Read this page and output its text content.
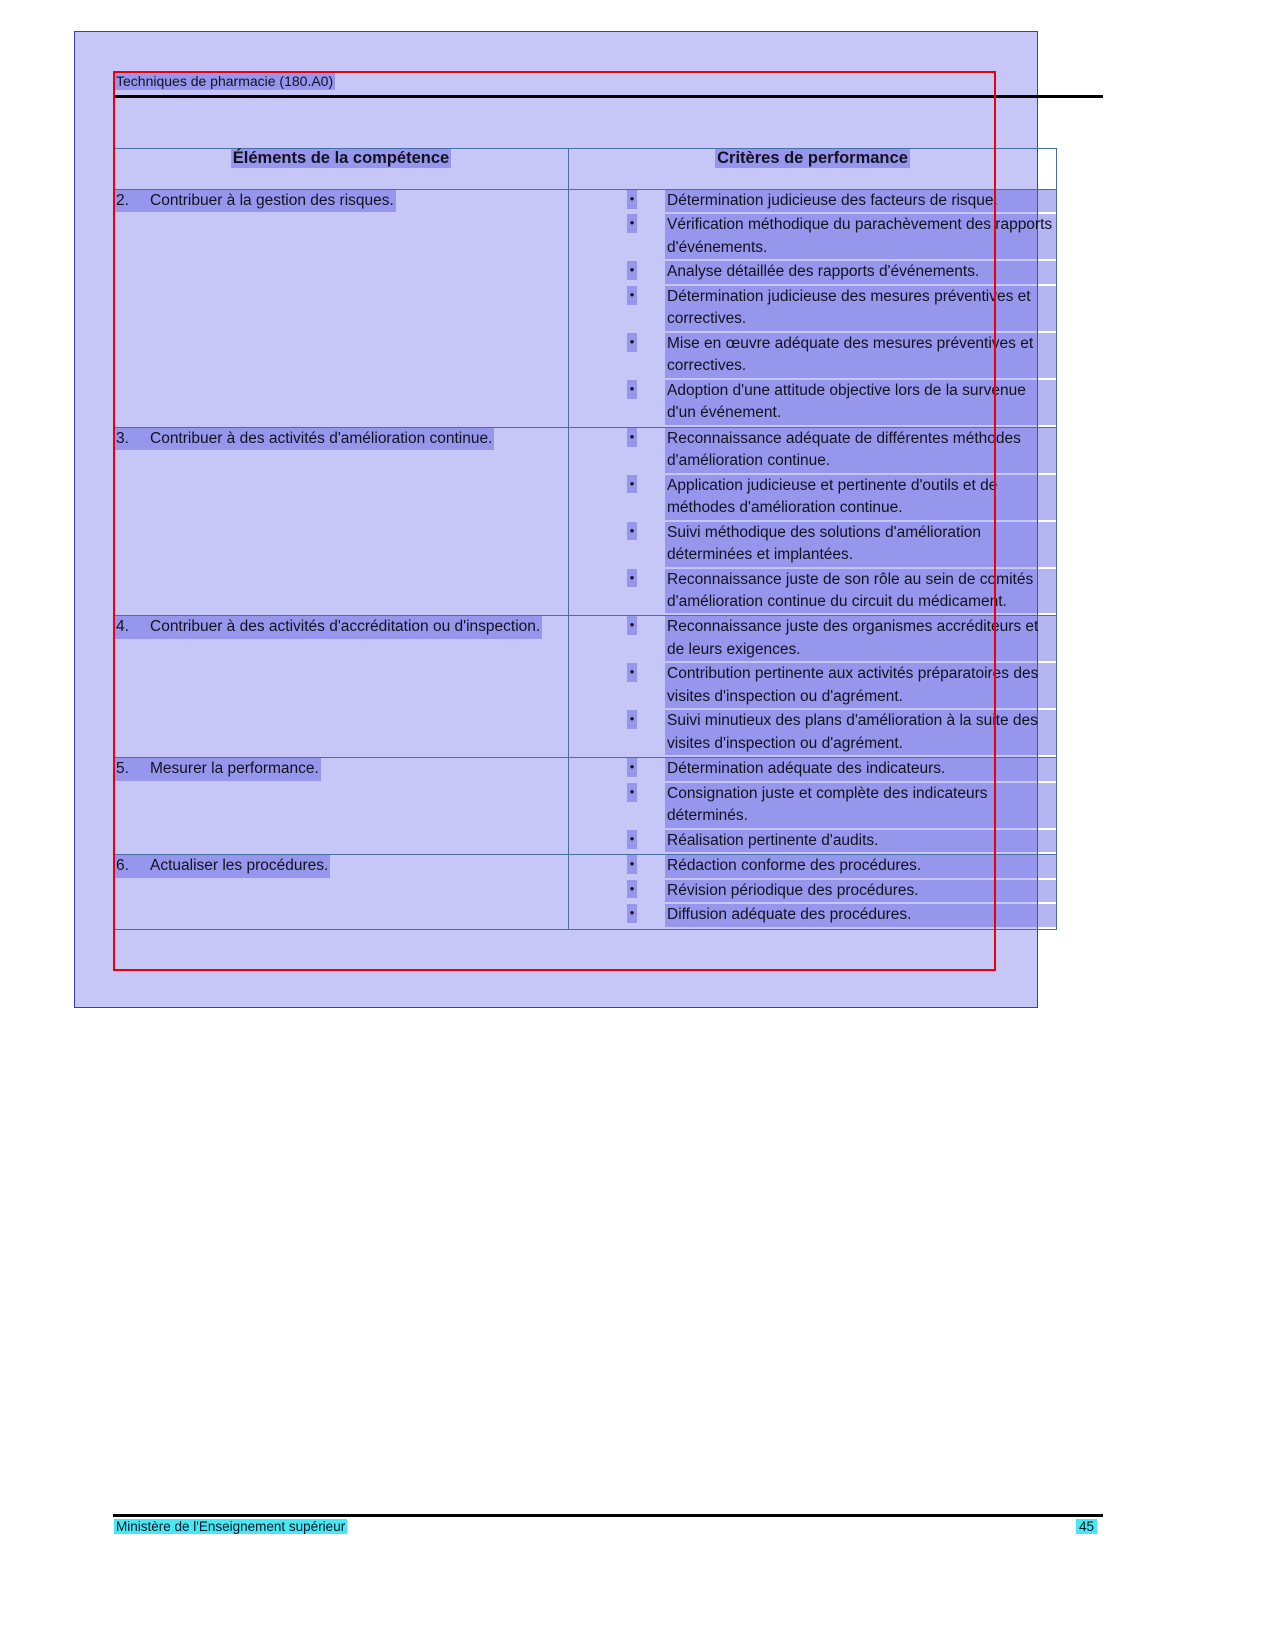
Techniques de pharmacie (180.A0)
Éléments de la compétence	Critères de performance

2.	Contribuer à la gestion des risques.	• Détermination judicieuse des facteurs de risque.
• Vérification méthodique du parachèvement des rapports d'événements.
• Analyse détaillée des rapports d'événements.
• Détermination judicieuse des mesures préventives et correctives.
• Mise en œuvre adéquate des mesures préventives et correctives.
• Adoption d'une attitude objective lors de la survenue d'un événement.

3.	Contribuer à des activités d'amélioration continue.	• Reconnaissance adéquate de différentes méthodes d'amélioration continue.
• Application judicieuse et pertinente d'outils et de méthodes d'amélioration continue.
• Suivi méthodique des solutions d'amélioration déterminées et implantées.
• Reconnaissance juste de son rôle au sein de comités d'amélioration continue du circuit du médicament.

4.	Contribuer à des activités d'accréditation ou d'inspection.	• Reconnaissance juste des organismes accréditeurs et de leurs exigences.
• Contribution pertinente aux activités préparatoires des visites d'inspection ou d'agrément.
• Suivi minutieux des plans d'amélioration à la suite des visites d'inspection ou d'agrément.

5.	Mesurer la performance.	• Détermination adéquate des indicateurs.
• Consignation juste et complète des indicateurs déterminés.
• Réalisation pertinente d'audits.

6.	Actualiser les procédures.	• Rédaction conforme des procédures.
• Révision périodique des procédures.
• Diffusion adéquate des procédures.
Ministère de l'Enseignement supérieur	45
